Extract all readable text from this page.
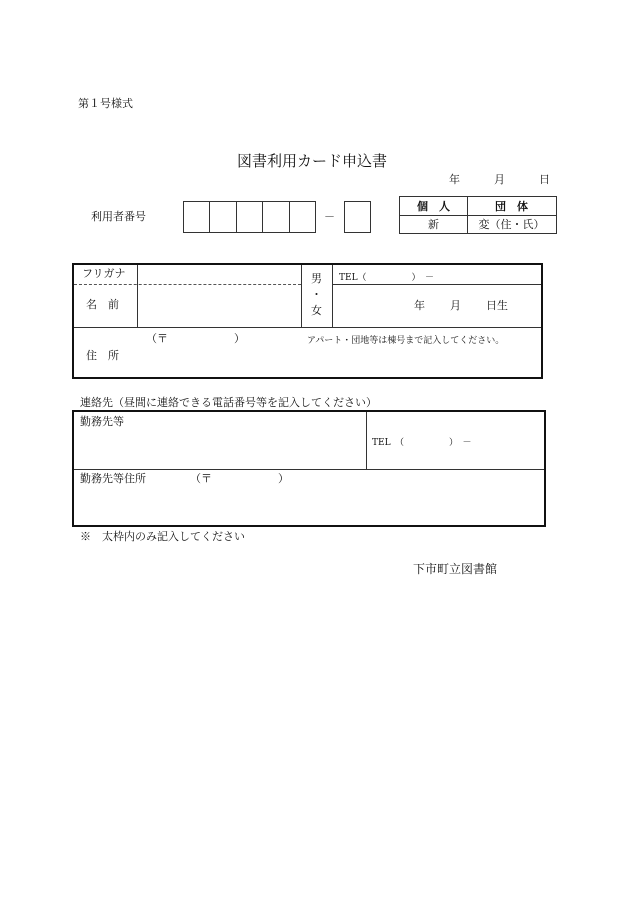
第１号様式
図書利用カード申込書
年	月	日
利用者番号	－
個　人	団　体
新	変（住・氏）
フリガナ
名　前
男
・
女
TEL（　　　　　）　－
年 月 日生
（〒　　　　　　）	アパート・団地等は棟号まで記入してください。
住　所
連絡先（昼間に連絡できる電話番号等を記入してください）
勤務先等
TEL　（　　　　　）　－
勤務先等住所	（〒　　　　　　）
※　太枠内のみ記入してください
下市町立図書館
